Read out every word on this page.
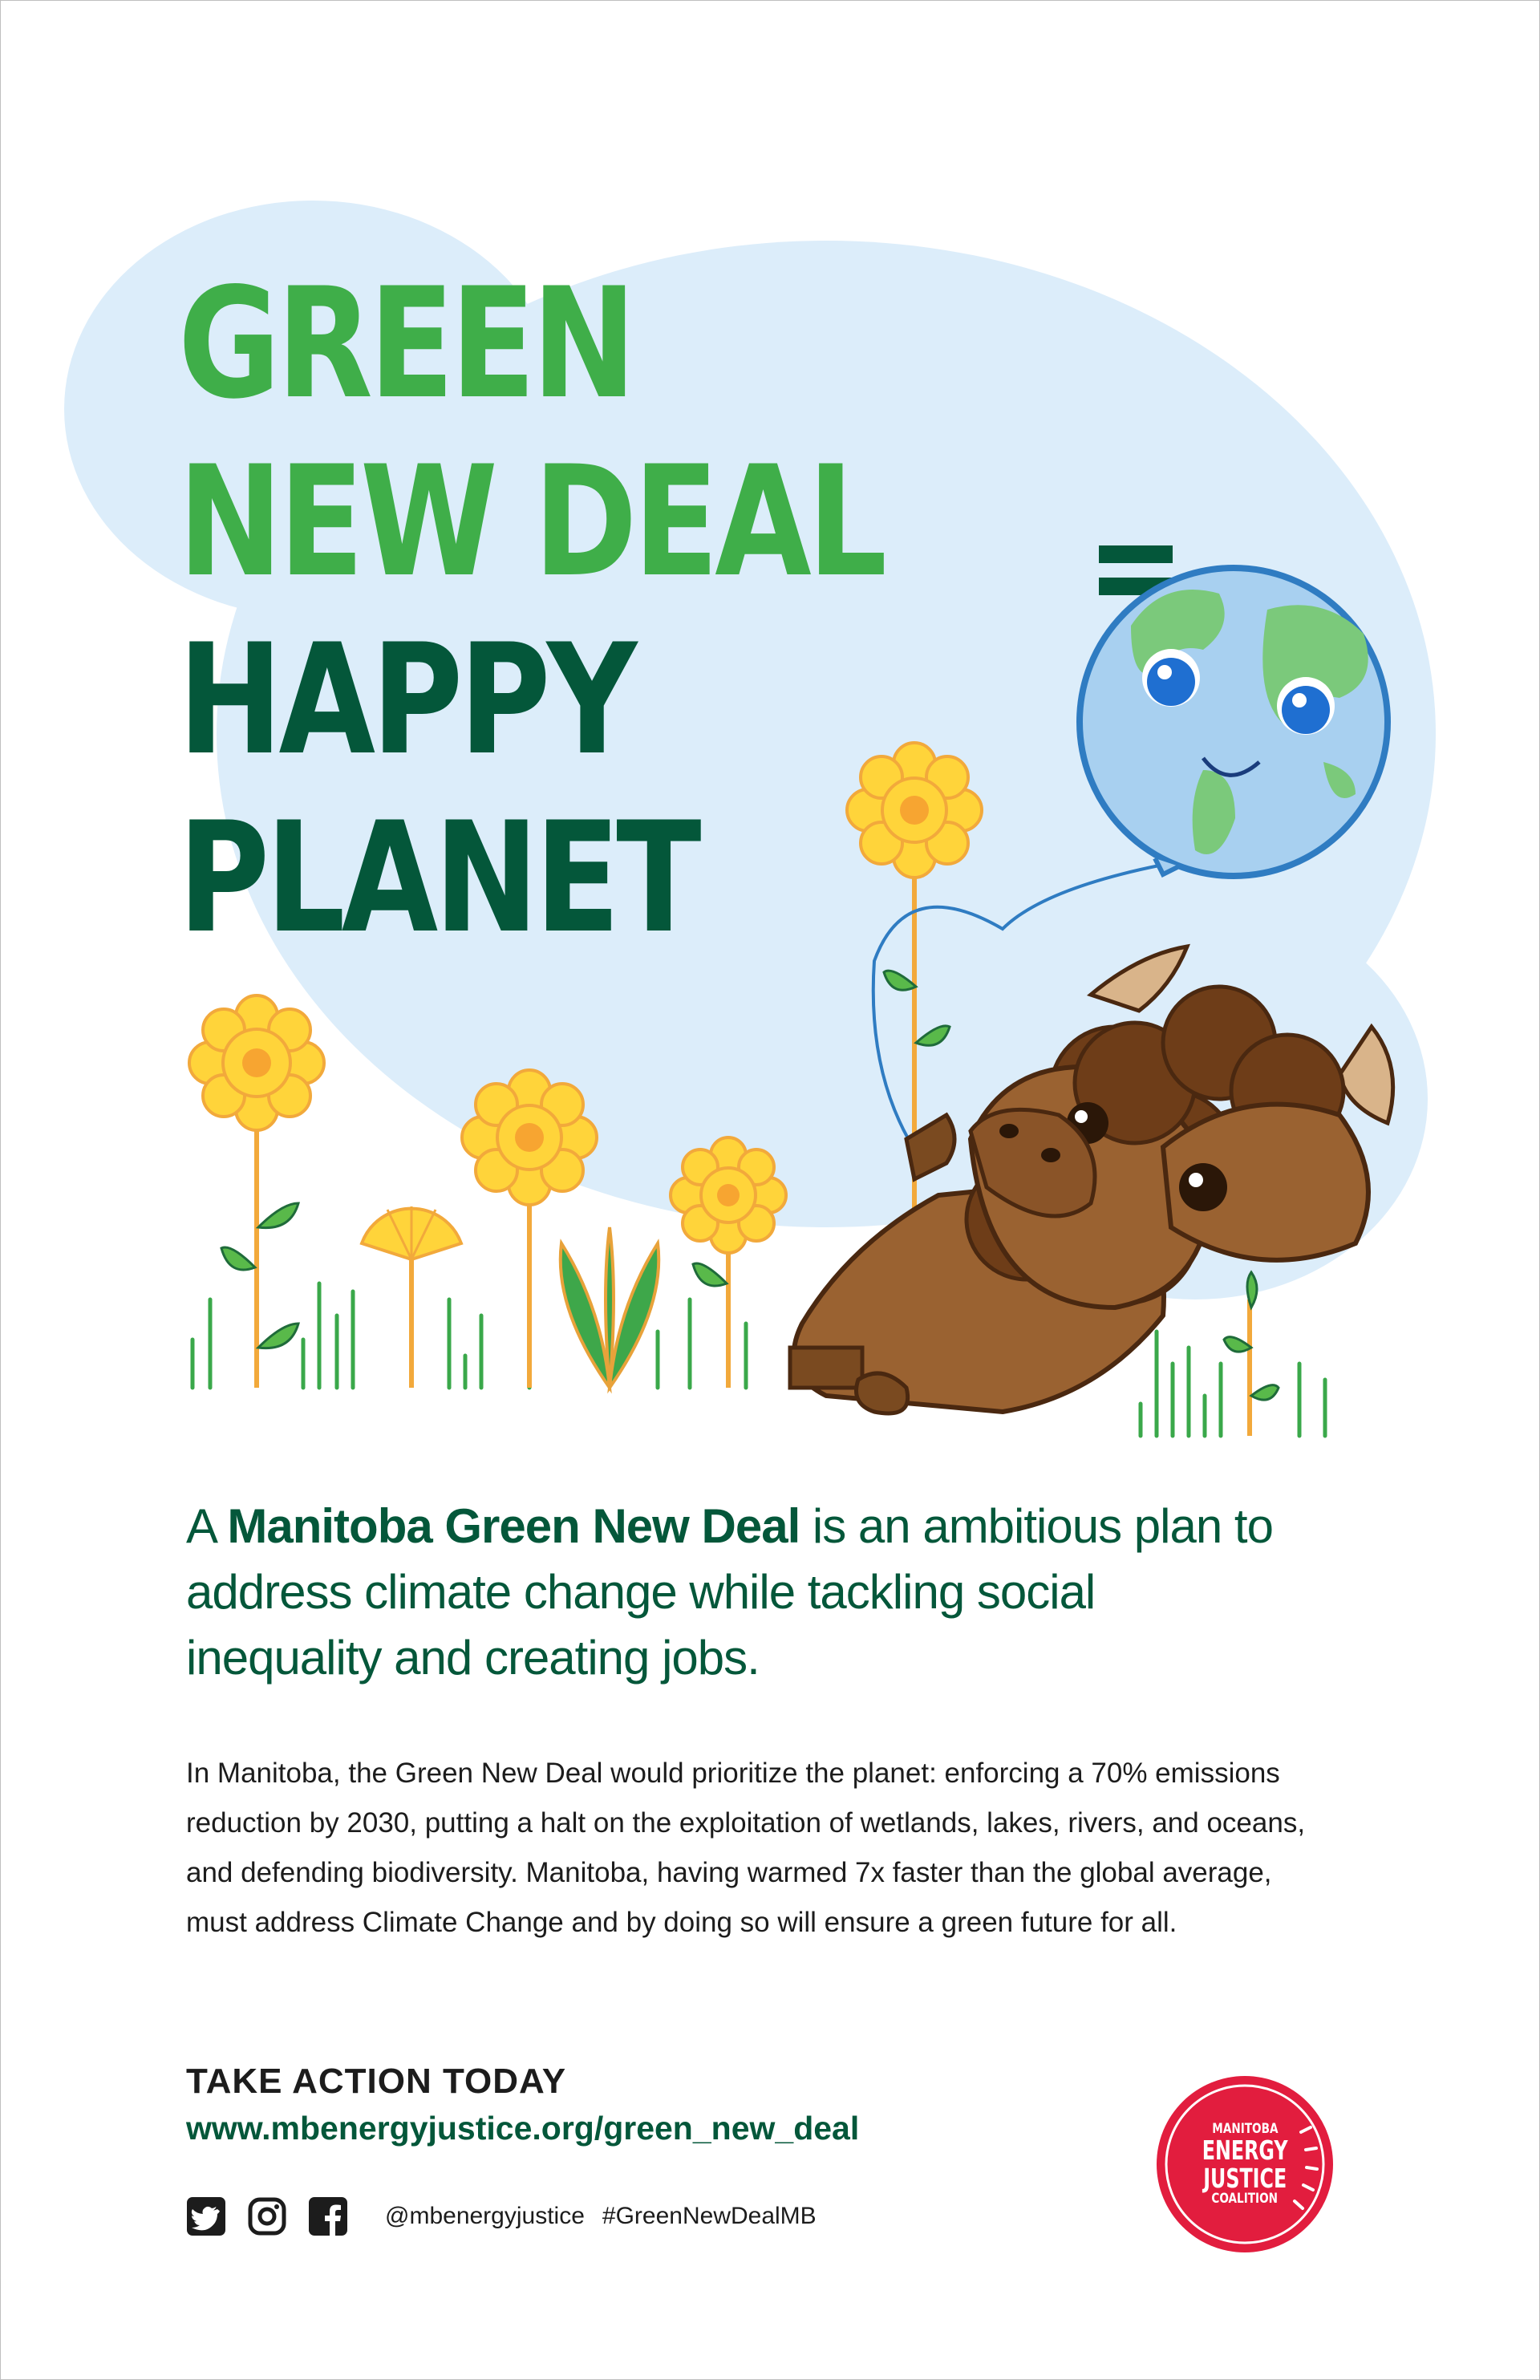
GREEN
NEW DEAL
HAPPY
PLANET

A Manitoba Green New Deal is an ambitious plan to address climate change while tackling social inequality and creating jobs.

In Manitoba, the Green New Deal would prioritize the planet: enforcing a 70% emissions reduction by 2030, putting a halt on the exploitation of wetlands, lakes, rivers, and oceans, and defending biodiversity. Manitoba, having warmed 7x faster than the global average, must address Climate Change and by doing so will ensure a green future for all.

TAKE ACTION TODAY
www.mbenergyjustice.org/green_new_deal
@mbenergyjustice #GreenNewDealMB
MANITOBA
ENERGY
JUSTICE
COALITION
